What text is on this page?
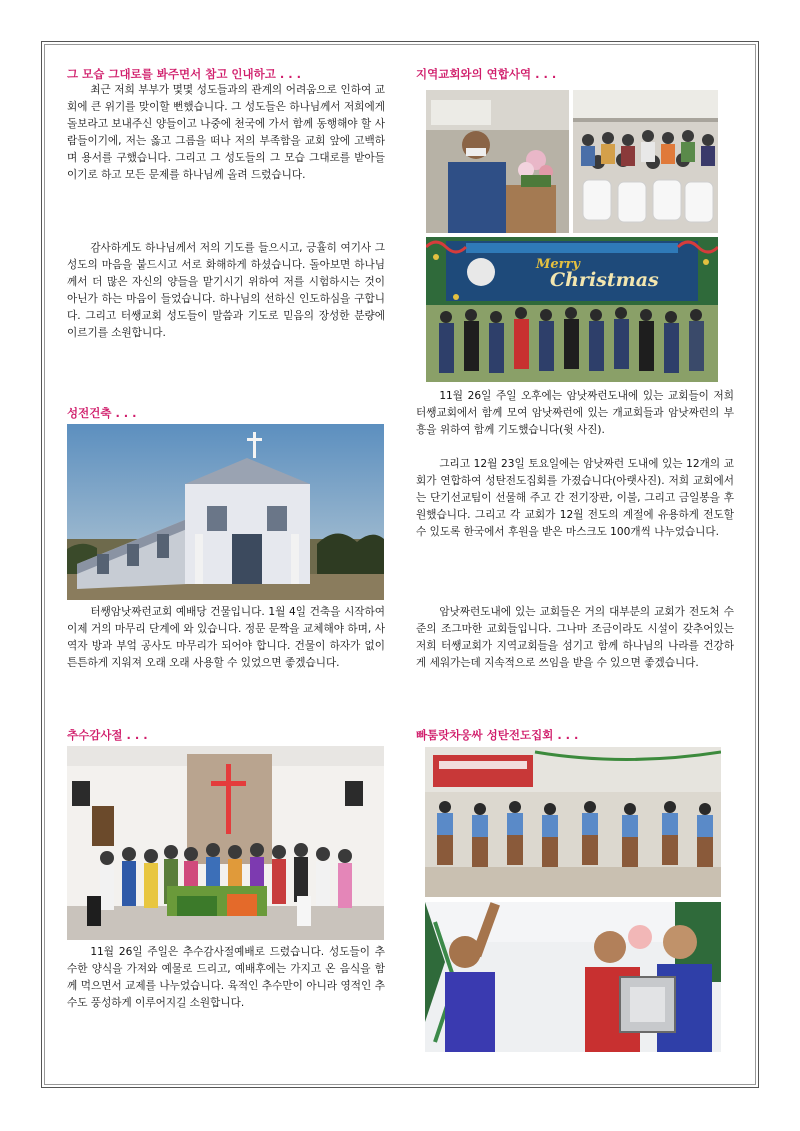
그 모습 그대로를 봐주면서 참고 인내하고 . . .

최근 저희 부부가 몇몇 성도들과의 관계의 어려움으로 인하여 교회에 큰 위기를 맞이할 뻔했습니다. 그 성도들은 하나님께서 저희에게 돌보라고 보내주신 양들이고 나중에 천국에 가서 함께 동행해야 할 사람들이기에, 저는 옳고 그름을 떠나 저의 부족함을 교회 앞에 고백하며 용서를 구했습니다. 그리고 그 성도들의 그 모습 그대로를 받아들이기로 하고 모든 문제를 하나님께 올려 드렸습니다.

감사하게도 하나님께서 저의 기도를 들으시고, 긍휼히 여기사 그 성도의 마음을 붙드시고 서로 화해하게 하셨습니다. 돌아보면 하나님께서 더 많은 자신의 양들을 맡기시기 위하여 저를 시험하시는 것이 아닌가 하는 마음이 들었습니다. 하나님의 선하신 인도하심을 구합니다. 그리고 터쌩교회 성도들이 말씀과 기도로 믿음의 장성한 분량에 이르기를 소원합니다.

성전건축 . . .

터쌩암낫짜런교회 예배당 건물입니다. 1월 4일 건축을 시작하여 이제 거의 마무리 단계에 와 있습니다. 정문 문짝을 교체해야 하며, 사역자 방과 부엌 공사도 마무리가 되어야 합니다. 건물이 하자가 없이 튼튼하게 지워져 오래 오래 사용할 수 있었으면 좋겠습니다.

추수감사절 . . .

11월 26일 주일은 추수감사절예배로 드렸습니다. 성도들이 추수한 양식을 가져와 예물로 드리고, 예배후에는 가지고 온 음식을 함께 먹으면서 교제를 나누었습니다. 육적인 추수만이 아니라 영적인 추수도 풍성하게 이루어지길 소원합니다.

지역교회와의 연합사역 . . .
Merry
Christmas

11월 26일 주일 오후에는 암낫짜런도내에 있는 교회들이 저희 터쌩교회에서 함께 모여 암낫짜런에 있는 개교회들과 암낫짜런의 부흥을 위하여 함께 기도했습니다(윗 사진).

그리고 12월 23일 토요일에는 암낫짜런 도내에 있는 12개의 교회가 연합하여 성탄전도집회를 가졌습니다(아랫사진). 저희 교회에서는 단기선교팀이 선물해 주고 간 전기장판, 이불, 그리고 금일봉을 후원했습니다. 그리고 각 교회가 12월 전도의 계절에 유용하게 전도할 수 있도록 한국에서 후원을 받은 마스크도 100개씩 나누었습니다.

암낫짜런도내에 있는 교회들은 거의 대부분의 교회가 전도처 수준의 조그마한 교회들입니다. 그나마 조금이라도 시설이 갖추어있는 저희 터쌩교회가 지역교회들을 섬기고 함께 하나님의 나라를 건강하게 세워가는데 지속적으로 쓰임을 받을 수 있으면 좋겠습니다.

빠툼랏차웅싸 성탄전도집회 . . .
